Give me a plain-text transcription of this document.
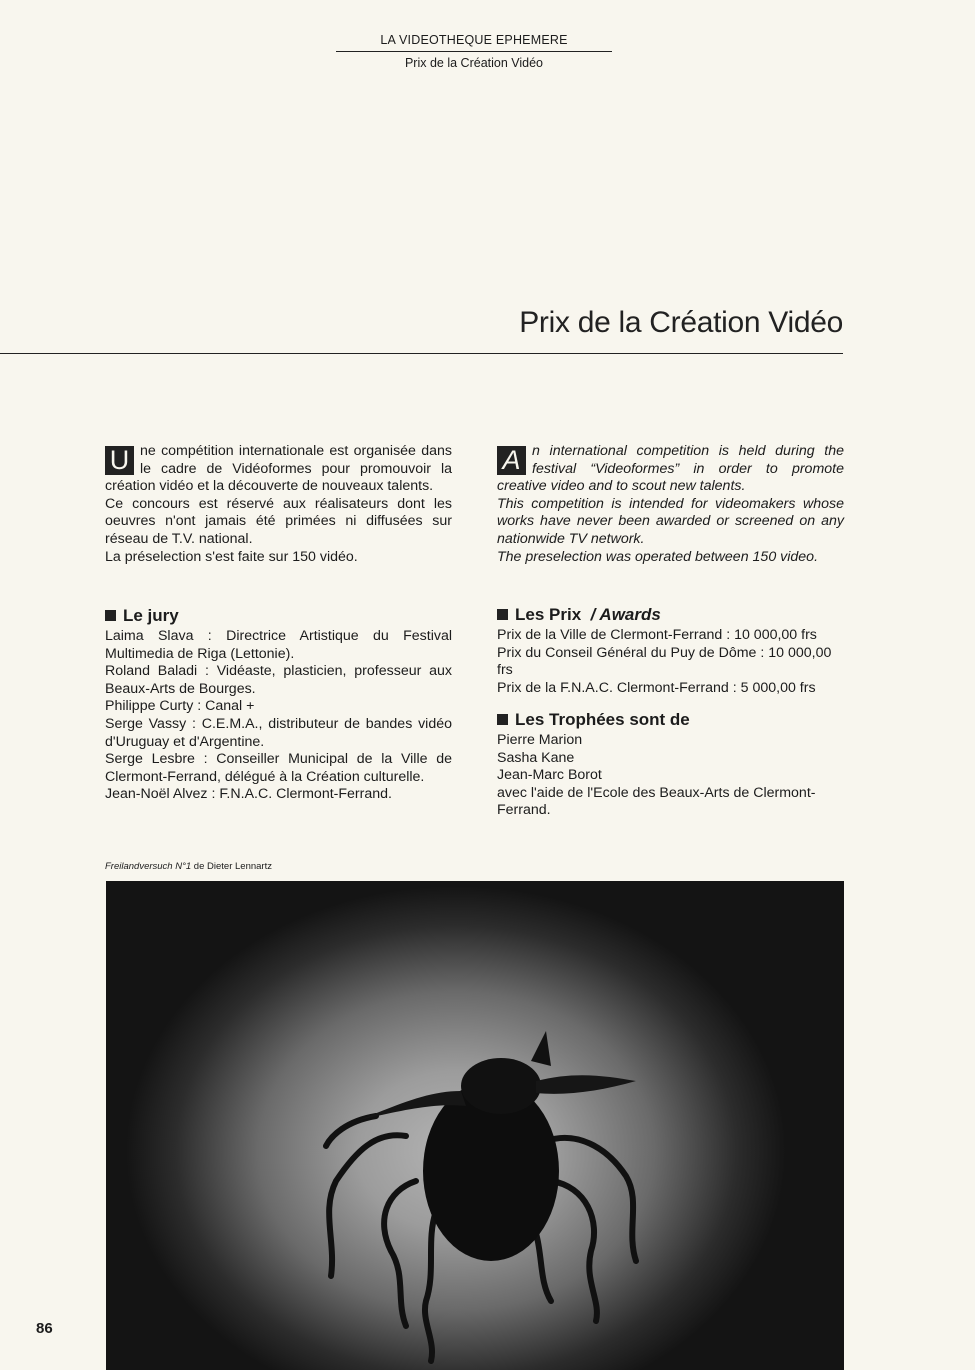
LA VIDEOTHEQUE EPHEMERE
Prix de la Création Vidéo
Prix de la Création Vidéo

U ne compétition internationale est organisée dans le cadre de Vidéoformes pour promouvoir la création vidéo et la découverte de nouveaux talents.

Ce concours est réservé aux réalisateurs dont les oeuvres n'ont jamais été primées ni diffusées sur réseau de T.V. national.

La préselection s'est faite sur 150 vidéo.

A n international competition is held during the festival “Videoformes” in order to promote creative video and to scout new talents.

This competition is intended for videomakers whose works have never been awarded or screened on any nationwide TV network.

The preselection was operated between 150 video.

Le jury
Laima Slava : Directrice Artistique du Festival Multimedia de Riga (Lettonie).
Roland Baladi : Vidéaste, plasticien, professeur aux Beaux-Arts de Bourges.
Philippe Curty : Canal +
Serge Vassy : C.E.M.A., distributeur de bandes vidéo d'Uruguay et d'Argentine.
Serge Lesbre : Conseiller Municipal de la Ville de Clermont-Ferrand, délégué à la Création culturelle.
Jean-Noël Alvez : F.N.A.C. Clermont-Ferrand.
Les Prix / Awards
Prix de la Ville de Clermont-Ferrand : 10 000,00 frs
Prix du Conseil Général du Puy de Dôme : 10 000,00 frs
Prix de la F.N.A.C. Clermont-Ferrand : 5 000,00 frs
Les Trophées sont de
Pierre Marion
Sasha Kane
Jean-Marc Borot
avec l'aide de l'Ecole des Beaux-Arts de Clermont-Ferrand.
Freilandversuch N°1 de Dieter Lennartz
86
